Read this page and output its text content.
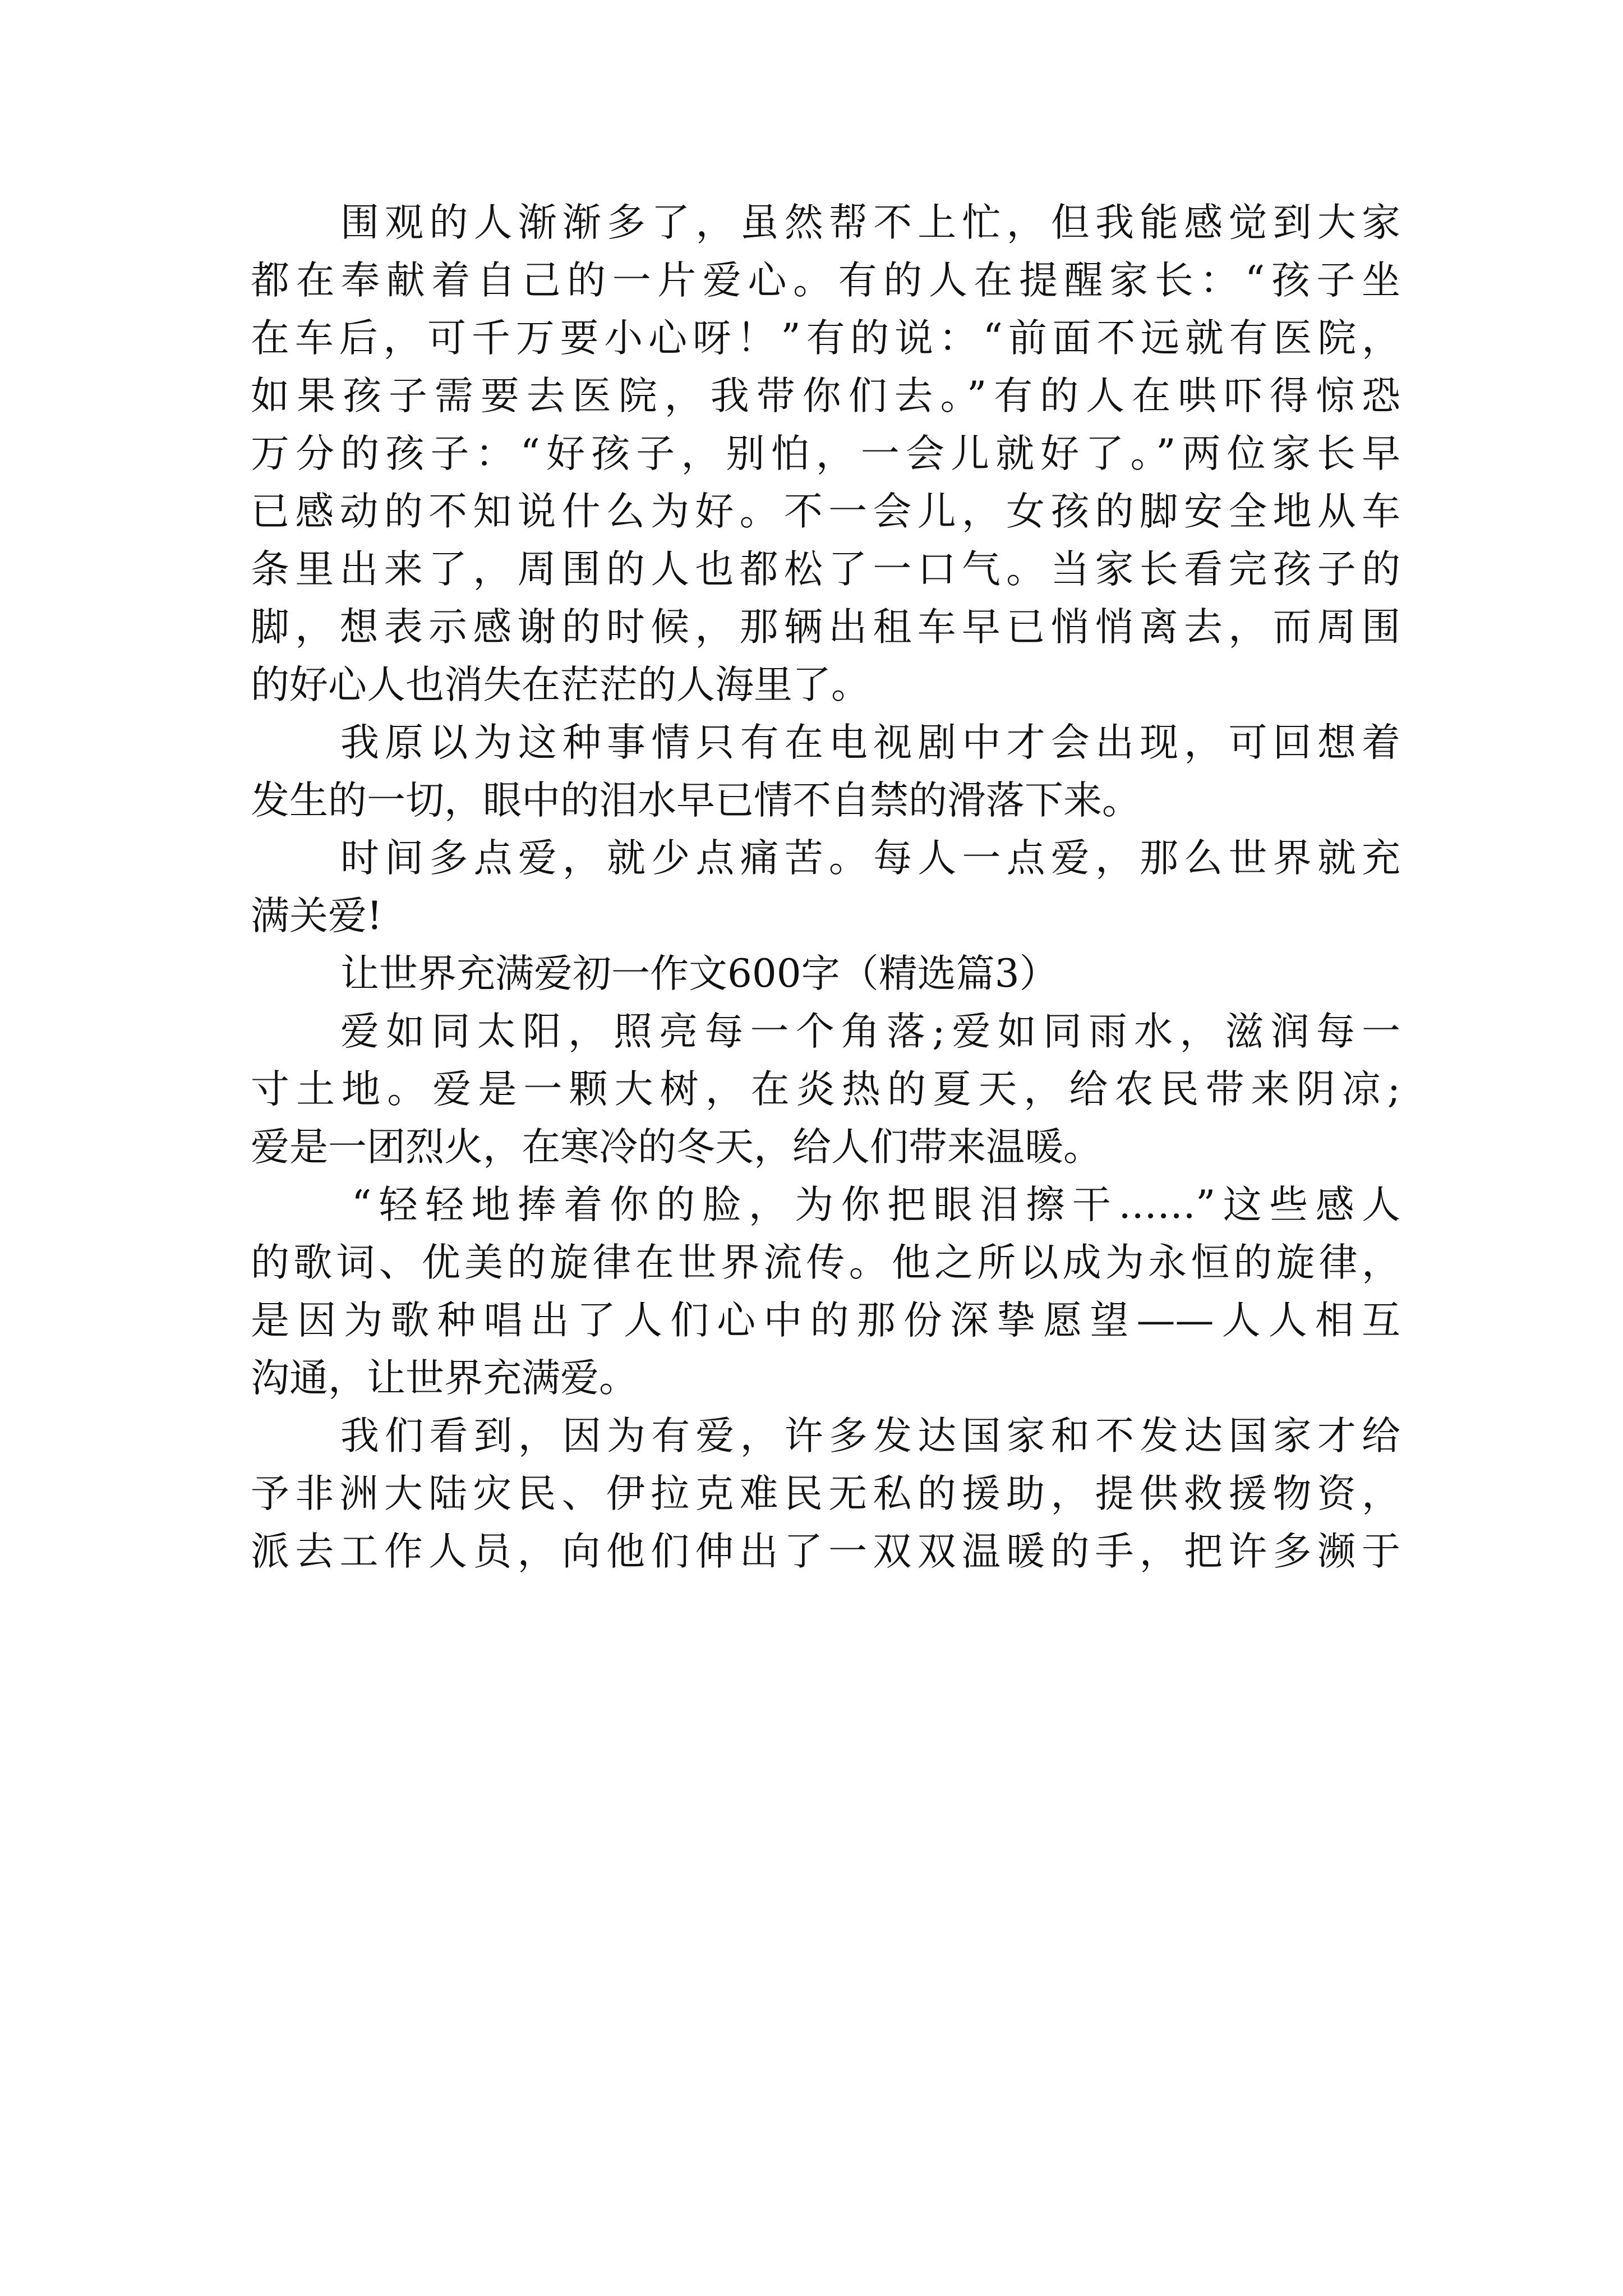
围观的人渐渐多了，虽然帮不上忙，但我能感觉到大家
都在奉献着自己的一片爱心。有的人在提醒家长：“孩子坐
在车后，可千万要小心呀！”有的说：“前面不远就有医院，
如果孩子需要去医院，我带你们去。”有的人在哄吓得惊恐
万分的孩子：“好孩子，别怕，一会儿就好了。”两位家长早
已感动的不知说什么为好。不一会儿，女孩的脚安全地从车
条里出来了，周围的人也都松了一口气。当家长看完孩子的
脚，想表示感谢的时候，那辆出租车早已悄悄离去，而周围
的好心人也消失在茫茫的人海里了。
我原以为这种事情只有在电视剧中才会出现，可回想着
发生的一切，眼中的泪水早已情不自禁的滑落下来。
时间多点爱，就少点痛苦。每人一点爱，那么世界就充
满关爱!
让世界充满爱初一作文600字（精选篇3）
爱如同太阳，照亮每一个角落;爱如同雨水，滋润每一
寸土地。爱是一颗大树，在炎热的夏天，给农民带来阴凉;
爱是一团烈火，在寒冷的冬天，给人们带来温暖。
“轻轻地捧着你的脸，为你把眼泪擦干……”这些感人
的歌词、优美的旋律在世界流传。他之所以成为永恒的旋律，
是因为歌种唱出了人们心中的那份深挚愿望——人人相互
沟通，让世界充满爱。
我们看到，因为有爱，许多发达国家和不发达国家才给
予非洲大陆灾民、伊拉克难民无私的援助，提供救援物资，
派去工作人员，向他们伸出了一双双温暖的手，把许多濒于
